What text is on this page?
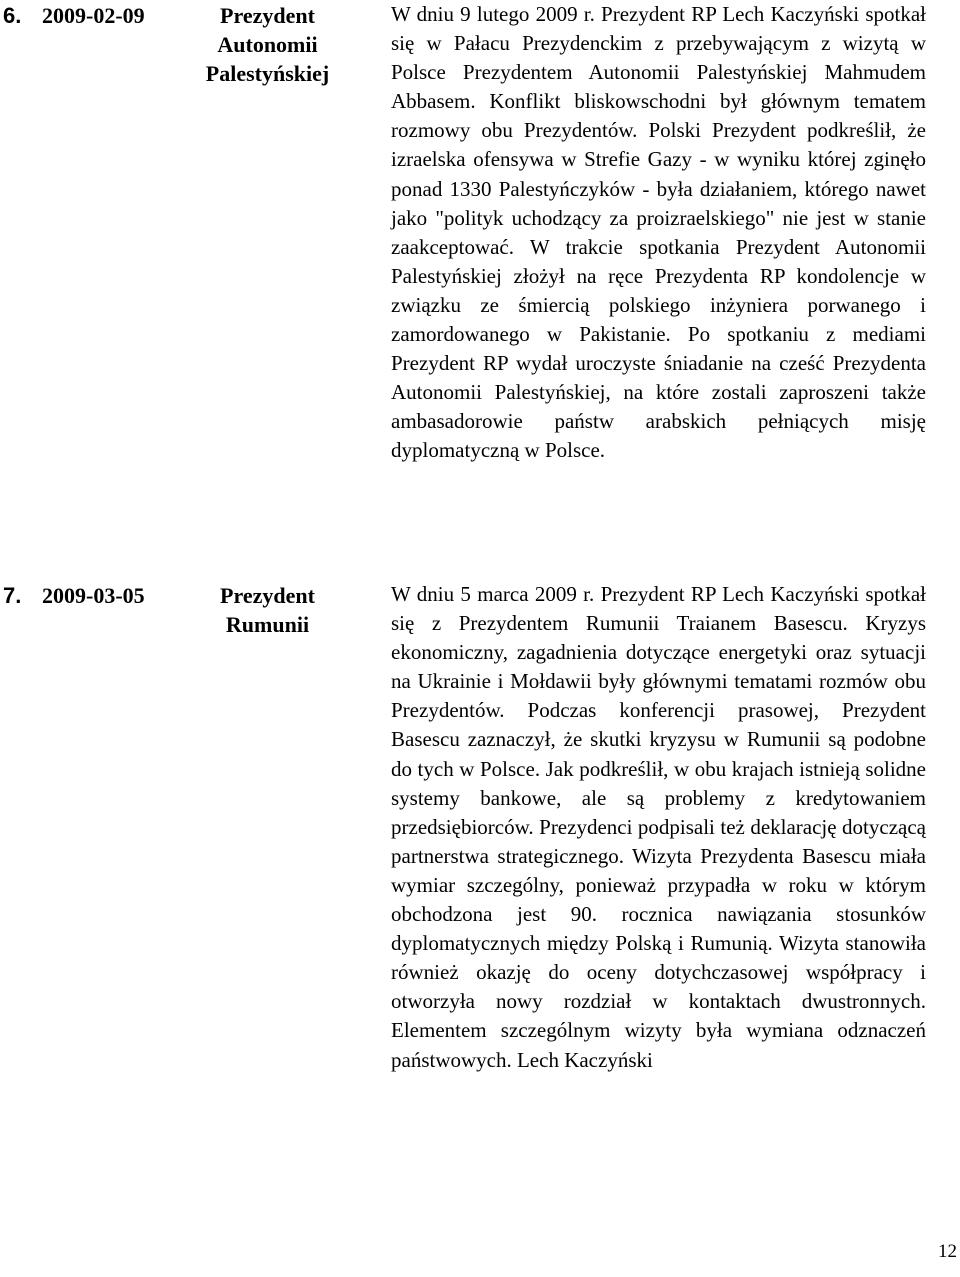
6. 2009-02-09	Prezydent
Autonomii
Palestyńskiej
W dniu 9 lutego 2009 r. Prezydent RP Lech Kaczyński spotkał się w Pałacu Prezydenckim z przebywającym z wizytą w Polsce Prezydentem Autonomii Palestyńskiej Mahmudem Abbasem. Konflikt bliskowschodni był głównym tematem rozmowy obu Prezydentów. Polski Prezydent podkreślił, że izraelska ofensywa w Strefie Gazy - w wyniku której zginęło ponad 1330 Palestyńczyków - była działaniem, którego nawet jako "polityk uchodzący za proizraelskiego" nie jest w stanie zaakceptować. W trakcie spotkania Prezydent Autonomii Palestyńskiej złożył na ręce Prezydenta RP kondolencje w związku ze śmiercią polskiego inżyniera porwanego i zamordowanego w Pakistanie. Po spotkaniu z mediami Prezydent RP wydał uroczyste śniadanie na cześć Prezydenta Autonomii Palestyńskiej, na które zostali zaproszeni także ambasadorowie państw arabskich pełniących misję dyplomatyczną w Polsce.
7. 2009-03-05	Prezydent
Rumunii
W dniu 5 marca 2009 r. Prezydent RP Lech Kaczyński spotkał się z Prezydentem Rumunii Traianem Basescu. Kryzys ekonomiczny, zagadnienia dotyczące energetyki oraz sytuacji na Ukrainie i Mołdawii były głównymi tematami rozmów obu Prezydentów. Podczas konferencji prasowej, Prezydent Basescu zaznaczył, że skutki kryzysu w Rumunii są podobne do tych w Polsce. Jak podkreślił, w obu krajach istnieją solidne systemy bankowe, ale są problemy z kredytowaniem przedsiębiorców. Prezydenci podpisali też deklarację dotyczącą partnerstwa strategicznego. Wizyta Prezydenta Basescu miała wymiar szczególny, ponieważ przypadła w roku w którym obchodzona jest 90. rocznica nawiązania stosunków dyplomatycznych między Polską i Rumunią. Wizyta stanowiła również okazję do oceny dotychczasowej współpracy i otworzyła nowy rozdział w kontaktach dwustronnych. Elementem szczególnym wizyty była wymiana odznaczeń państwowych. Lech Kaczyński
12
